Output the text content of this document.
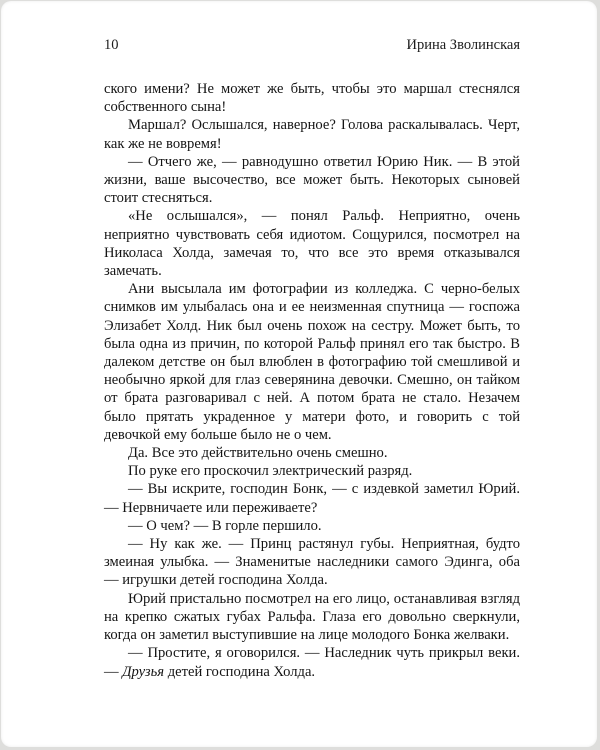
10	Ирина Зволинская

ского имени? Не может же быть, чтобы это маршал стеснялся собственного сына!

Маршал? Ослышался, наверное? Голова раскалывалась. Черт, как же не вовремя!

— Отчего же, — равнодушно ответил Юрию Ник. — В этой жизни, ваше высочество, все может быть. Некоторых сыновей стоит стесняться.

«Не ослышался», — понял Ральф. Неприятно, очень неприятно чувствовать себя идиотом. Сощурился, посмотрел на Николаса Холда, замечая то, что все это время отказывался замечать.

Ани высылала им фотографии из колледжа. С черно-белых снимков им улыбалась она и ее неизменная спутница — госпожа Элизабет Холд. Ник был очень похож на сестру. Может быть, то была одна из причин, по которой Ральф принял его так быстро. В далеком детстве он был влюблен в фотографию той смешливой и необычно яркой для глаз северянина девочки. Смешно, он тайком от брата разговаривал с ней. А потом брата не стало. Незачем было прятать украденное у матери фото, и говорить с той девочкой ему больше было не о чем.

Да. Все это действительно очень смешно.

По руке его проскочил электрический разряд.

— Вы искрите, господин Бонк, — с издевкой заметил Юрий. — Нервничаете или переживаете?

— О чем? — В горле першило.

— Ну как же. — Принц растянул губы. Неприятная, будто змеиная улыбка. — Знаменитые наследники самого Эдинга, оба — игрушки детей господина Холда.

Юрий пристально посмотрел на его лицо, останавливая взгляд на крепко сжатых губах Ральфа. Глаза его довольно сверкнули, когда он заметил выступившие на лице молодого Бонка желваки.

— Простите, я оговорился. — Наследник чуть прикрыл веки. — Друзья детей господина Холда.
